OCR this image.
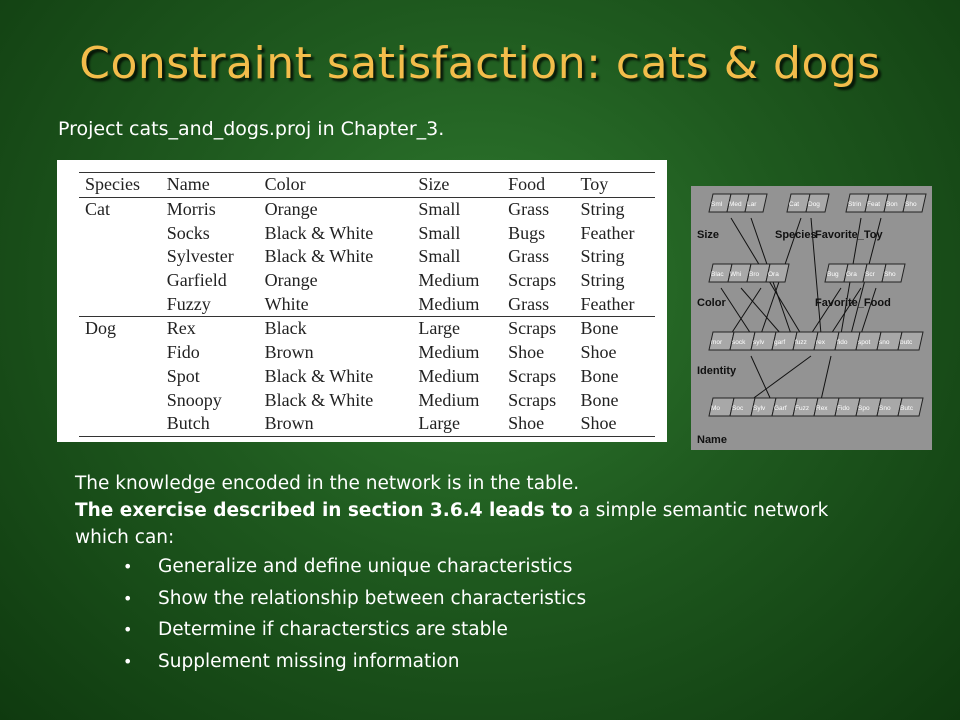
Constraint satisfaction: cats & dogs
Project cats_and_dogs.proj in Chapter_3.
Species	Name	Color	Size	Food	Toy
Cat	Morris	Orange	Small	Grass	String
	Socks	Black & White	Small	Bugs	Feather
	Sylvester	Black & White	Small	Grass	String
	Garfield	Orange	Medium	Scraps	String
	Fuzzy	White	Medium	Grass	Feather
Dog	Rex	Black	Large	Scraps	Bone
	Fido	Brown	Medium	Shoe	Shoe
	Spot	Black & White	Medium	Scraps	Bone
	Snoopy	Black & White	Medium	Scraps	Bone
	Butch	Brown	Large	Shoe	Shoe
Sml Med Lar
Size
Cat Dog
Species
Strin Feat Bon Sho
Favorite_Toy
Blac Whi Bro Ora
Color
Bug Gra Scr Sho
Favorite_Food
mor sock sylv garf fuzz rex fido spot sno butc
Identity
Mo Soc Sylv Garf Fuzz Rex Fido Spo Sno Butc
Name

The knowledge encoded in the network is in the table.

The exercise described in section 3.6.4 leads to a simple semantic network

which can:

• Generalize and define unique characteristics
• Show the relationship between characteristics
• Determine if characterstics are stable
• Supplement missing information
